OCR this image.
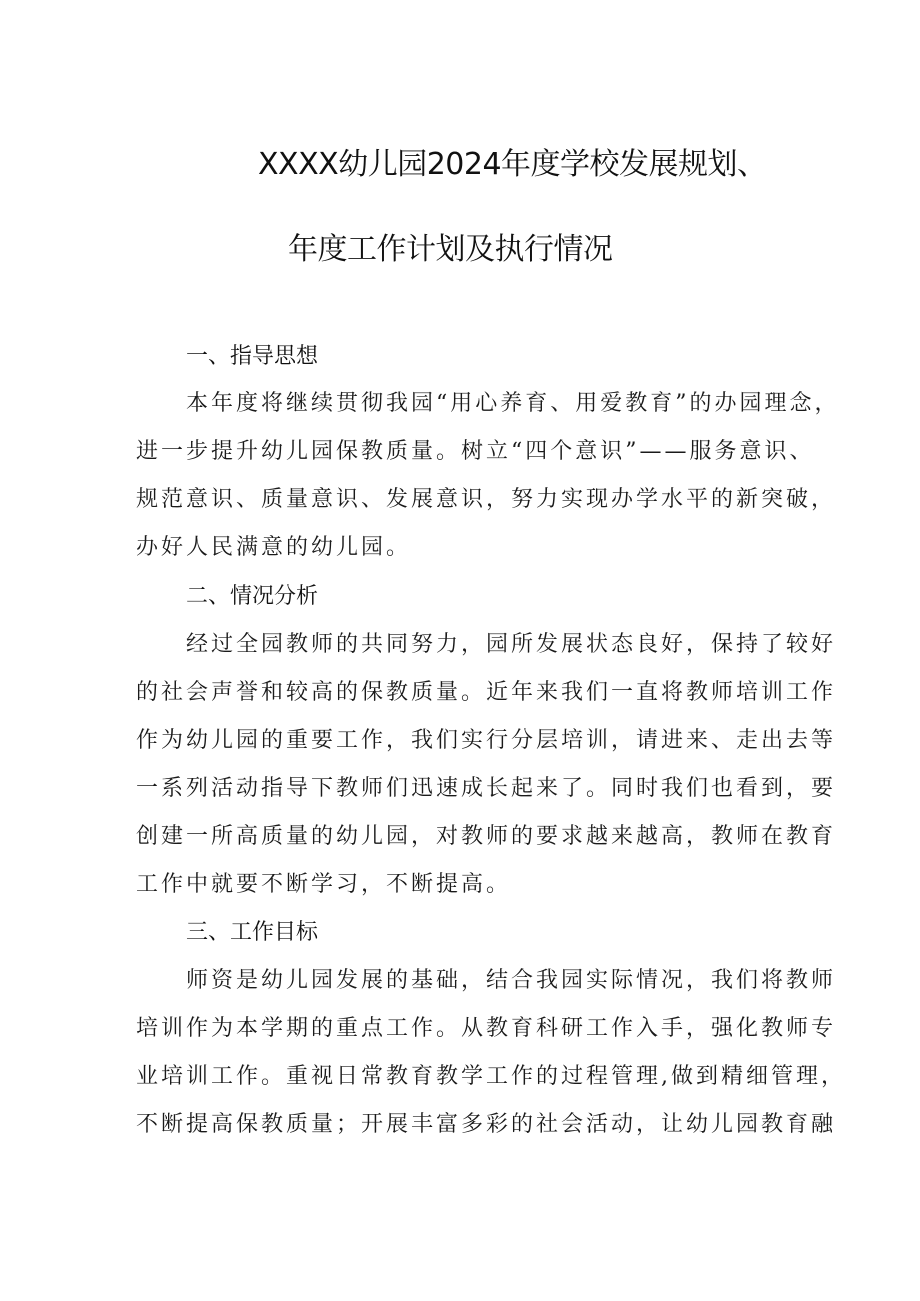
XXXX幼儿园2024年度学校发展规划、
年度工作计划及执行情况
一、指导思想

本年度将继续贯彻我园“用心养育、用爱教育”的办园理念，

进一步提升幼儿园保教质量。树立“四个意识”——服务意识、

规范意识、质量意识、发展意识，努力实现办学水平的新突破，

办好人民满意的幼儿园。

二、情况分析

经过全园教师的共同努力，园所发展状态良好，保持了较好

的社会声誉和较高的保教质量。近年来我们一直将教师培训工作

作为幼儿园的重要工作，我们实行分层培训，请进来、走出去等

一系列活动指导下教师们迅速成长起来了。同时我们也看到，要

创建一所高质量的幼儿园，对教师的要求越来越高，教师在教育

工作中就要不断学习，不断提高。

三、工作目标

师资是幼儿园发展的基础，结合我园实际情况，我们将教师

培训作为本学期的重点工作。从教育科研工作入手，强化教师专

业培训工作。重视日常教育教学工作的过程管理,做到精细管理，

不断提高保教质量；开展丰富多彩的社会活动，让幼儿园教育融
